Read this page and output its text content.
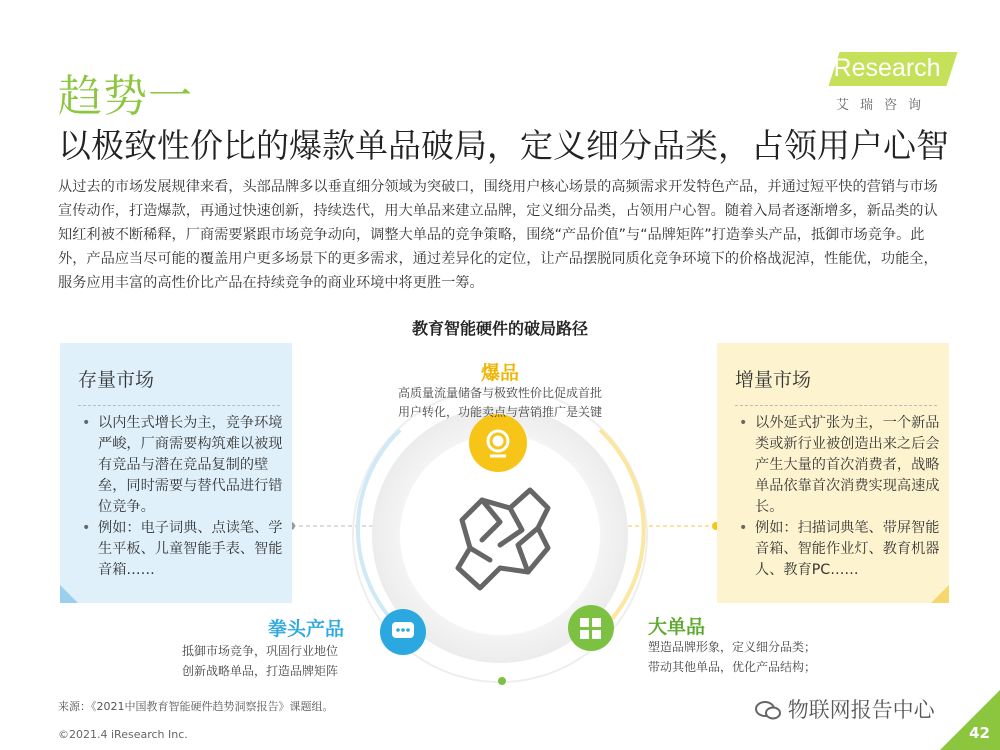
趋势一
以极致性价比的爆款单品破局，定义细分品类，占领用户心智
iResearch
艾瑞咨询
从过去的市场发展规律来看，头部品牌多以垂直细分领域为突破口，围绕用户核心场景的高频需求开发特色产品，并通过短平快的营销与市场宣传动作，打造爆款，再通过快速创新，持续迭代，用大单品来建立品牌，定义细分品类，占领用户心智。随着入局者逐渐增多，新品类的认知红利被不断稀释，厂商需要紧跟市场竞争动向，调整大单品的竞争策略，围绕“产品价值”与“品牌矩阵”打造拳头产品，抵御市场竞争。此外，产品应当尽可能的覆盖用户更多场景下的更多需求，通过差异化的定位，让产品摆脱同质化竞争环境下的价格战泥淖，性能优，功能全，服务应用丰富的高性价比产品在持续竞争的商业环境中将更胜一筹。
教育智能硬件的破局路径
存量市场
• 以内生式增长为主，竞争环境严峻，厂商需要构筑难以被现有竞品与潜在竞品复制的壁垒，同时需要与替代品进行错位竞争。
• 例如：电子词典、点读笔、学生平板、儿童智能手表、智能音箱……
增量市场
• 以外延式扩张为主，一个新品类或新行业被创造出来之后会产生大量的首次消费者，战略单品依靠首次消费实现高速成长。
• 例如：扫描词典笔、带屏智能音箱、智能作业灯、教育机器人、教育PC……
爆品
高质量流量储备与极致性价比促成首批
用户转化，功能卖点与营销推广是关键
拳头产品
抵御市场竞争，巩固行业地位
创新战略单品，打造品牌矩阵
大单品
塑造品牌形象，定义细分品类；
带动其他单品，优化产品结构；
来源：《2021中国教育智能硬件趋势洞察报告》课题组。
©2021.4 iResearch Inc.
物联网报告中心
42
